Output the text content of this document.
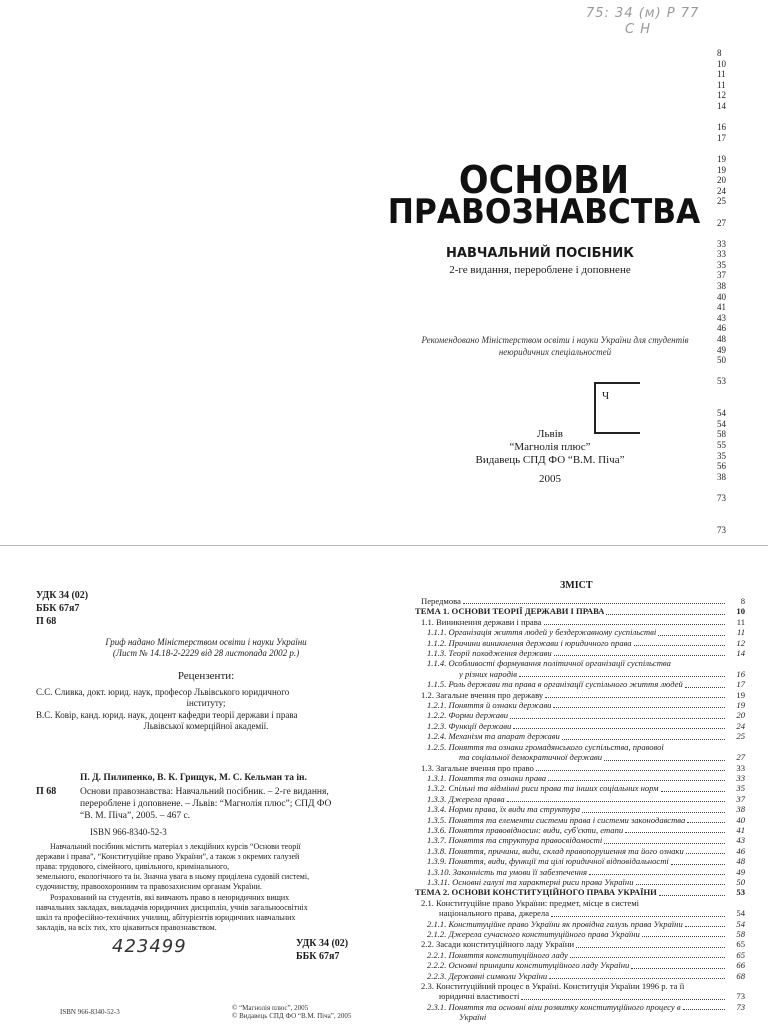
75: 34 (м) Р 77
С Н
ОСНОВИ
ПРАВОЗНАВСТВА
НАВЧАЛЬНИЙ ПОСІБНИК
2-ге видання, перероблене і доповнене
Рекомендовано Міністерством освіти і науки України для студентів
неюридичних спеціальностей
Ч
Львів
“Магнолія плюс”
Видавець СПД ФО “В.М. Піча”
2005
8
10
11
11
12
14
16
17
19
19
20
24
25
27
33
33
35
37
38
40
41
43
46
48
49
50
53
54
54
58
55
35
56
38
73
73
УДК 34 (02)
ББК 67я7
П 68
Гриф надано Міністерством освіти і науки України
(Лист № 14.18-2-2229 від 28 листопада 2002 р.)
Рецензенти:
С.С. Сливка, докт. юрид. наук, професор Львівського юридичного
інституту;
В.С. Ковір, канд. юрид. наук, доцент кафедри теорії держави і права
Львівської комерційної академії.
П. Д. Пилипенко, В. К. Грищук, М. С. Кельман та ін.
П 68	Основи правознавства: Навчальний посібник. – 2-ге видання,
перероблене і доповнене. – Львів: “Магнолія плюс”; СПД ФО
“В. М. Піча”, 2005. – 467 с.
ISBN 966-8340-52-3
Навчальний посібник містить матеріал з лекційних курсів “Основи теорії
держави і права”, “Конституційне право України”, а також з окремих галузей
права: трудового, сімейного, цивільного, кримінального,
земельного, екологічного та ін. Значна увага в ньому приділена судовій системі,
судочинству, правоохоронним та правозахисним органам України.
Розрахований на студентів, які вивчають право в неюридичних вищих
навчальних закладах, викладачів юридичних дисциплін, учнів загальноосвітніх
шкіл та професійно-технічних училищ, абітурієнтів юридичних навчальних
закладів, на всіх тих, хто цікавиться правознавством.
423499	УДК 34 (02)
ББК 67я7
ISBN 966-8340-52-3	© “Магнолія плюс”, 2005
© Видавець СПД ФО “В.М. Піча”, 2005
ЗМІСТ
Передмова	8
ТЕМА 1. ОСНОВИ ТЕОРІЇ ДЕРЖАВИ І ПРАВА	10
1.1. Виникнення держави і права	11
1.1.1. Організація життя людей у бездержавному суспільстві	11
1.1.2. Причини виникнення держави і юридичного права	12
1.1.3. Теорії походження держави	14
1.1.4. Особливості формування політичної організації суспільства
у різних народів	16
1.1.5. Роль держави та права в організації суспільного життя людей	17
1.2. Загальне вчення про державу	19
1.2.1. Поняття й ознаки держави	19
1.2.2. Форми держави	20
1.2.3. Функції держави	24
1.2.4. Механізм та апарат держави	25
1.2.5. Поняття та ознаки громадянського суспільства, правової
та соціальної демократичної держави	27
1.3. Загальне вчення про право	33
1.3.1. Поняття та ознаки права	33
1.3.2. Спільні та відмінні риси права та інших соціальних норм	35
1.3.3. Джерела права	37
1.3.4. Норми права, їх види та структура	38
1.3.5. Поняття та елементи системи права і системи законодавства	40
1.3.6. Поняття правовідносин: види, суб'єкти, етапи	41
1.3.7. Поняття та структура правосвідомості	43
1.3.8. Поняття, причини, види, склад правопорушення та його ознаки	46
1.3.9. Поняття, види, функції та цілі юридичної відповідальності	48
1.3.10. Законність та умови її забезпечення	49
1.3.11. Основні галузі та характерні риси права України	50
ТЕМА 2. ОСНОВИ КОНСТИТУЦІЙНОГО ПРАВА УКРАЇНИ	53
2.1. Конституційне право України: предмет, місце в системі
національного права, джерела	54
2.1.1. Конституційне право України як провідна галузь права України	54
2.1.2. Джерела сучасного конституційного права України	58
2.2. Засади конституційного ладу України	65
2.2.1. Поняття конституційного ладу	65
2.2.2. Основні принципи конституційного ладу України	66
2.2.3. Державні символи України	68
2.3. Конституційний процес в Україні. Конституція України 1996 р. та її
юридичні властивості	73
2.3.1. Поняття та основні віхи розвитку конституційного процесу в	73
Україні
